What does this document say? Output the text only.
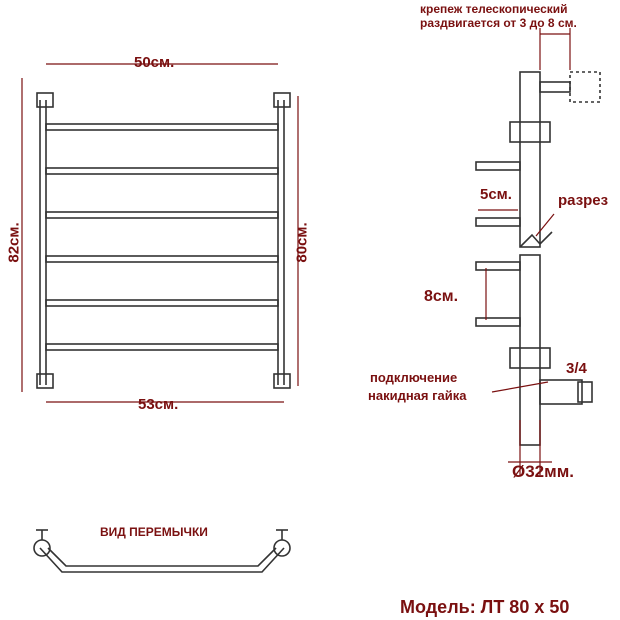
крепеж телескопический
раздвигается от 3 до 8 см.
50см.
53см.
82см.	80см.
5см.	разрез
8см.
3/4
подключение
накидная гайка
Ø32мм.
ВИД ПЕРЕМЫЧКИ
Модель: ЛТ 80 х 50
